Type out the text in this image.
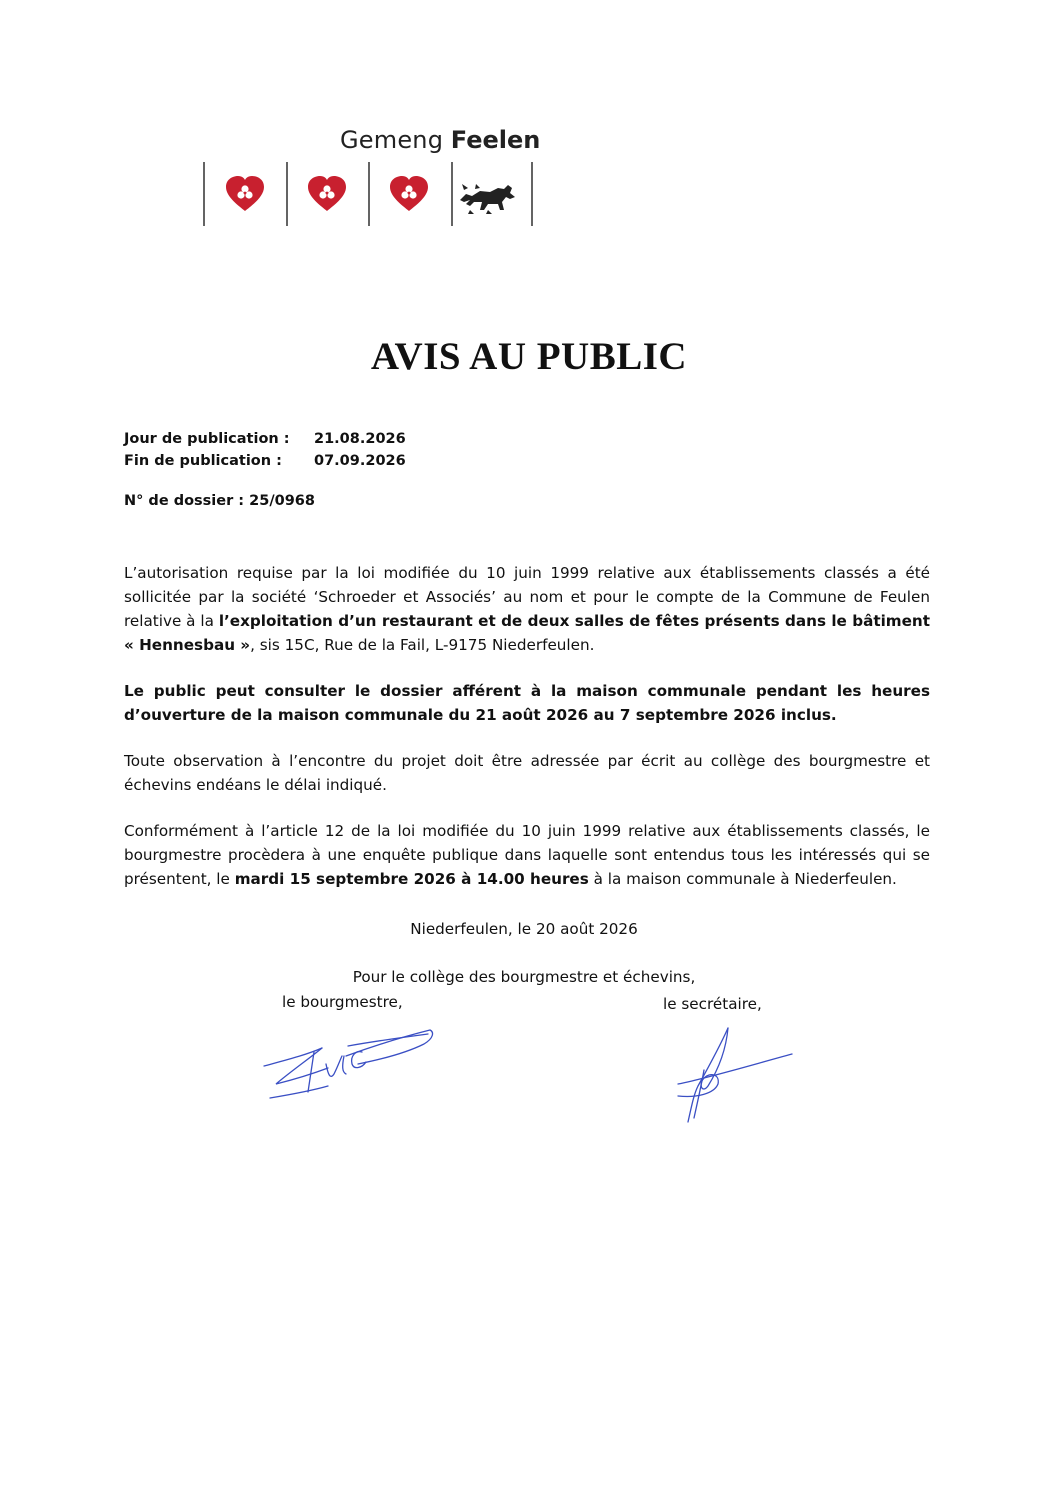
Gemeng Feelen
AVIS AU PUBLIC
Jour de publication :	21.08.2026
Fin de publication :	07.09.2026
N° de dossier : 25/0968

L’autorisation requise par la loi modifiée du 10 juin 1999 relative aux établissements classés a été sollicitée par la société ‘Schroeder et Associés’ au nom et pour le compte de la Commune de Feulen relative à la l’exploitation d’un restaurant et de deux salles de fêtes présents dans le bâtiment « Hennesbau », sis 15C, Rue de la Fail, L-9175 Niederfeulen.

Le public peut consulter le dossier afférent à la maison communale pendant les heures d’ouverture de la maison communale du 21 août 2026 au 7 septembre 2026 inclus.

Toute observation à l’encontre du projet doit être adressée par écrit au collège des bourgmestre et échevins endéans le délai indiqué.

Conformément à l’article 12 de la loi modifiée du 10 juin 1999 relative aux établissements classés, le bourgmestre procèdera à une enquête publique dans laquelle sont entendus tous les intéressés qui se présentent, le mardi 15 septembre 2026 à 14.00 heures à la maison communale à Niederfeulen.

Niederfeulen, le 20 août 2026
Pour le collège des bourgmestre et échevins,
le bourgmestre,	le secrétaire,
